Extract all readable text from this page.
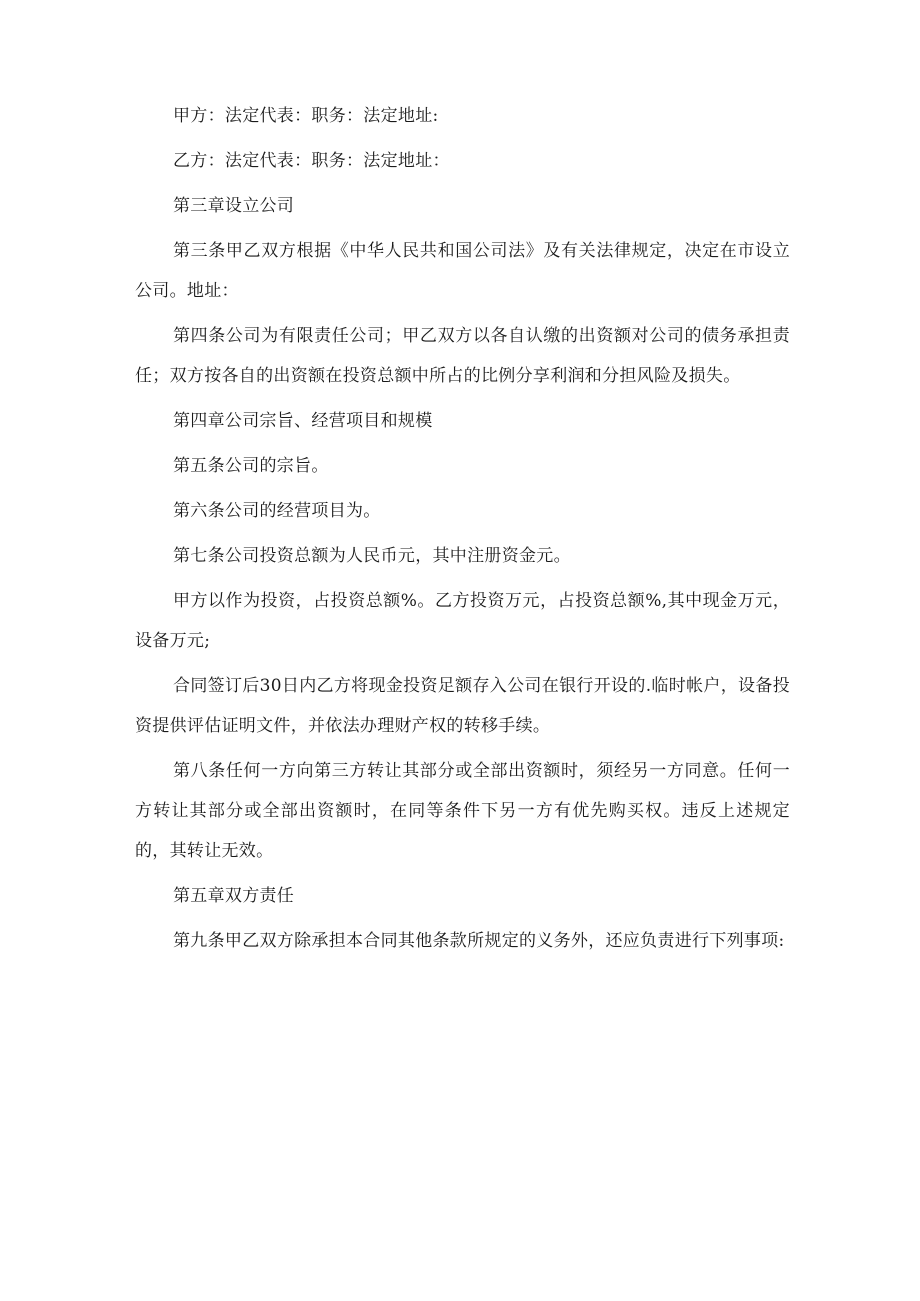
甲方：法定代表：职务：法定地址:

乙方：法定代表：职务：法定地址：

第三章设立公司

第三条甲乙双方根据《中华人民共和国公司法》及有关法律规定，决定在市设立公司。地址：

第四条公司为有限责任公司；甲乙双方以各自认缴的出资额对公司的债务承担责任；双方按各自的出资额在投资总额中所占的比例分享利润和分担风险及损失。

第四章公司宗旨、经营项目和规模

第五条公司的宗旨。

第六条公司的经营项目为。

第七条公司投资总额为人民币元，其中注册资金元。

甲方以作为投资，占投资总额%。乙方投资万元，占投资总额%,其中现金万元，设备万元;

合同签订后30日内乙方将现金投资足额存入公司在银行开设的.临时帐户，设备投资提供评估证明文件，并依法办理财产权的转移手续。

第八条任何一方向第三方转让其部分或全部出资额时，须经另一方同意。任何一方转让其部分或全部出资额时，在同等条件下另一方有优先购买权。违反上述规定的，其转让无效。

第五章双方责任

第九条甲乙双方除承担本合同其他条款所规定的义务外，还应负责进行下列事项:
